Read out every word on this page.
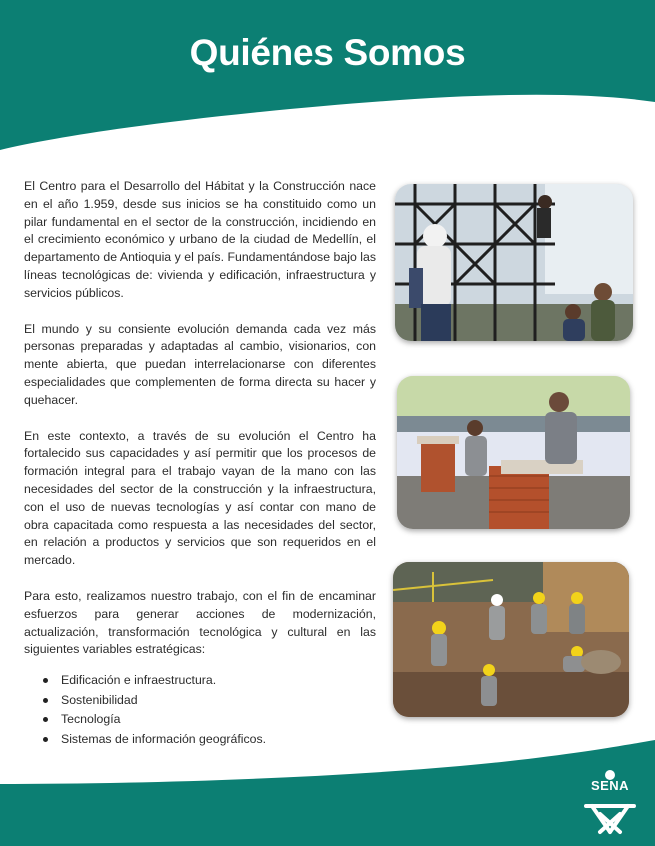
Quiénes Somos

El Centro para el Desarrollo del Hábitat y la Construcción nace en el año 1.959, desde sus inicios se ha constituido como un pilar fundamental en el sector de la construcción, incidiendo en el crecimiento económico y urbano de la ciudad de Medellín, el departamento de Antioquia y el país. Fundamentándose bajo las líneas tecnológicas de: vivienda y edificación, infraestructura y servicios públicos.

El mundo y su consiente evolución demanda cada vez más personas preparadas y adaptadas al cambio, visionarios, con mente abierta, que puedan interrelacionarse con diferentes especialidades que complementen de forma directa su hacer y quehacer.

En este contexto, a través de su evolución el Centro ha fortalecido sus capacidades y así permitir que los procesos de formación integral para el trabajo vayan de la mano con las necesidades del sector de la construcción y la infraestructura, con el uso de nuevas tecnologías y así contar con mano de obra capacitada como respuesta a las necesidades del sector, en relación a productos y servicios que son requeridos en el mercado.

Para esto, realizamos nuestro trabajo, con el fin de encaminar esfuerzos para generar acciones de modernización, actualización, transformación tecnológica y cultural en las siguientes variables estratégicas:

Edificación e infraestructura.
Sostenibilidad
Tecnología
Sistemas de información geográficos.
SENA
